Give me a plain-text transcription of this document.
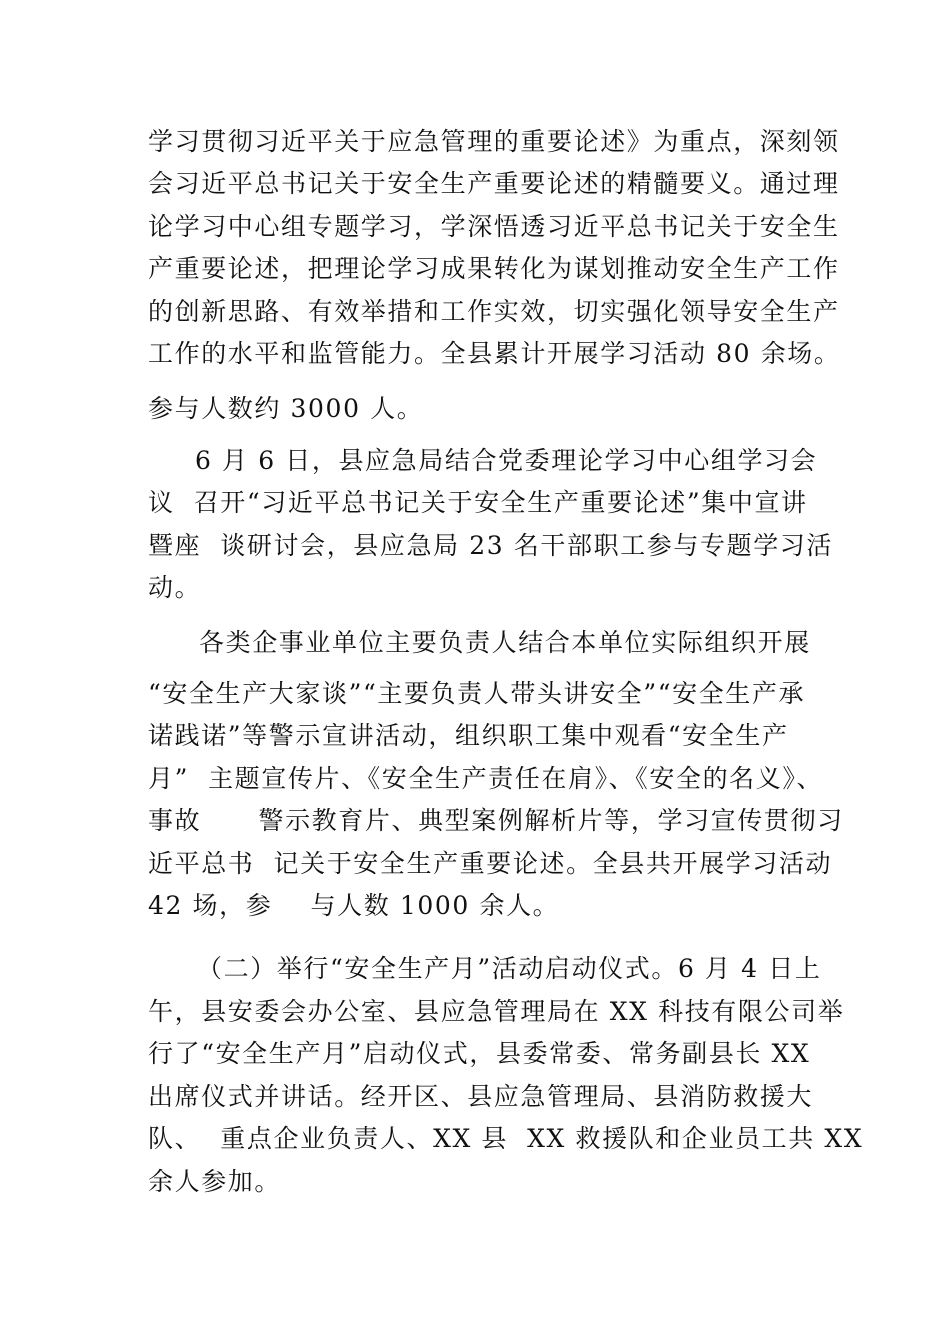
学习贯彻习近平关于应急管理的重要论述》为重点，深刻领
会习近平总书记关于安全生产重要论述的精髓要义。通过理
论学习中心组专题学习，学深悟透习近平总书记关于安全生
产重要论述，把理论学习成果转化为谋划推动安全生产工作
的创新思路、有效举措和工作实效，切实强化领导安全生产
工作的水平和监管能力。全县累计开展学习活动 80 余场。
参与人数约 3000 人。
6 月 6 日，县应急局结合党委理论学习中心组学习会
议  召开“习近平总书记关于安全生产重要论述”集中宣讲
暨座  谈研讨会，县应急局 23 名干部职工参与专题学习活
动。
各类企事业单位主要负责人结合本单位实际组织开展
“安全生产大家谈”“主要负责人带头讲安全”“安全生产承
诺践诺”等警示宣讲活动，组织职工集中观看“安全生产
月”  主题宣传片、《安全生产责任在肩》、《安全的名义》、
事故      警示教育片、典型案例解析片等，学习宣传贯彻习
近平总书  记关于安全生产重要论述。全县共开展学习活动
42 场，参    与人数 1000 余人。
（二）举行“安全生产月”活动启动仪式。6 月 4 日上
午，县安委会办公室、县应急管理局在 XX 科技有限公司举
行了“安全生产月”启动仪式，县委常委、常务副县长 XX
出席仪式并讲话。经开区、县应急管理局、县消防救援大
队、  重点企业负责人、XX 县  XX 救援队和企业员工共 XX
余人参加。
